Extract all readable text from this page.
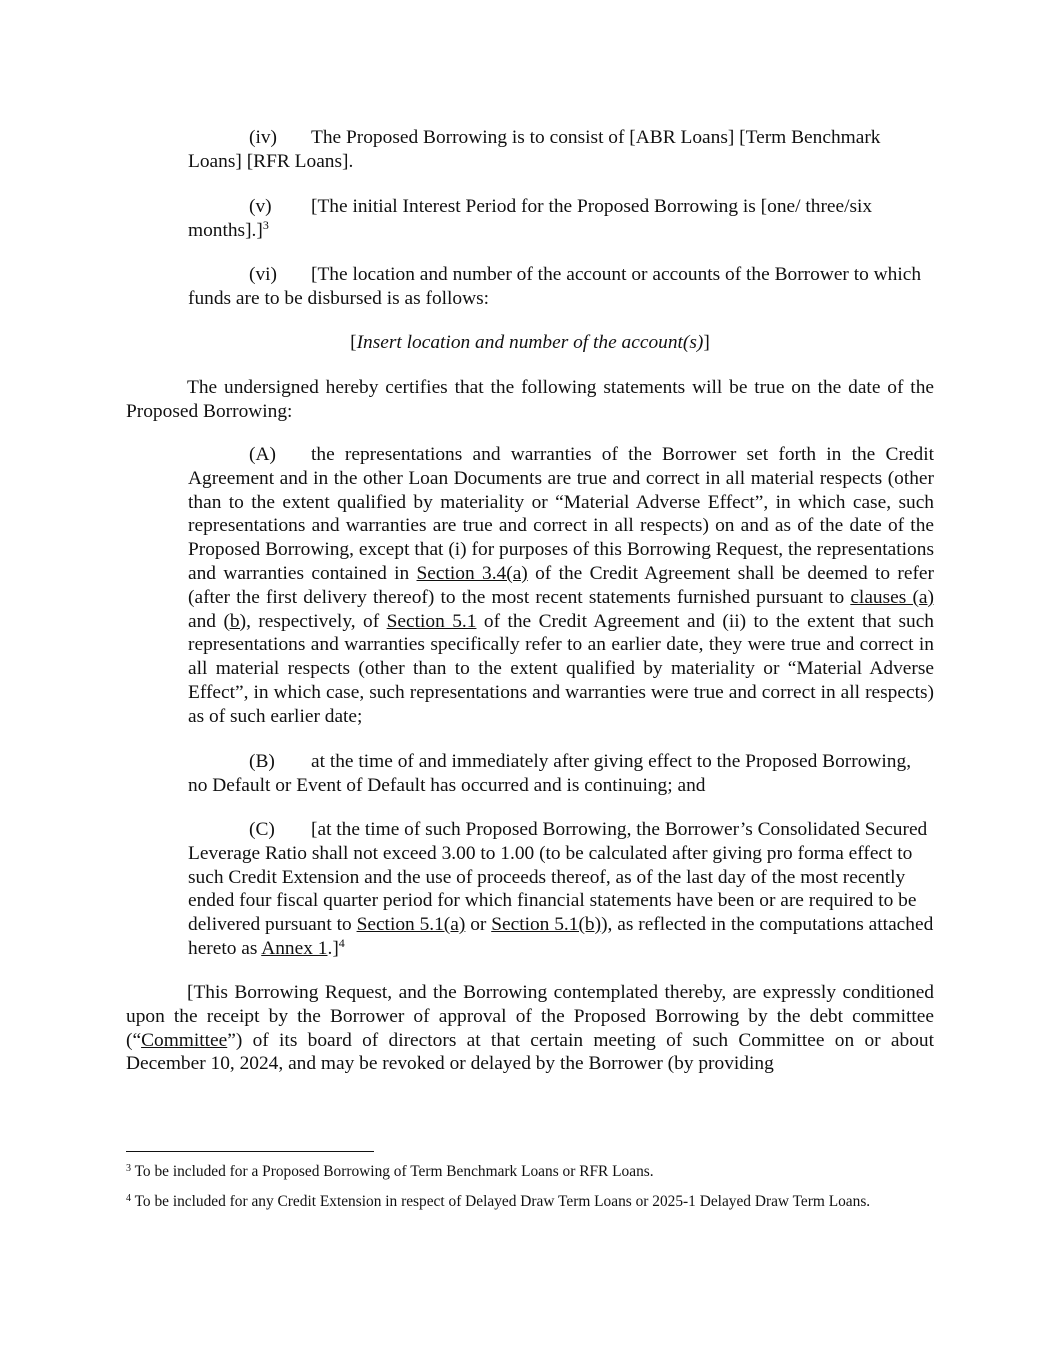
(iv) The Proposed Borrowing is to consist of [ABR Loans] [Term Benchmark Loans] [RFR Loans].

(v) [The initial Interest Period for the Proposed Borrowing is [one/ three/six months].]$^3$

(vi) [The location and number of the account or accounts of the Borrower to which funds are to be disbursed is as follows:

[Insert location and number of the account(s)]

The undersigned hereby certifies that the following statements will be true on the date of the Proposed Borrowing:

(A) the representations and warranties of the Borrower set forth in the Credit Agreement and in the other Loan Documents are true and correct in all material respects (other than to the extent qualified by materiality or “Material Adverse Effect”, in which case, such representations and warranties are true and correct in all respects) on and as of the date of the Proposed Borrowing, except that (i) for purposes of this Borrowing Request, the representations and warranties contained in Section 3.4(a) of the Credit Agreement shall be deemed to refer (after the first delivery thereof) to the most recent statements furnished pursuant to clauses (a) and (b), respectively, of Section 5.1 of the Credit Agreement and (ii) to the extent that such representations and warranties specifically refer to an earlier date, they were true and correct in all material respects (other than to the extent qualified by materiality or “Material Adverse Effect”, in which case, such representations and warranties were true and correct in all respects) as of such earlier date;

(B) at the time of and immediately after giving effect to the Proposed Borrowing, no Default or Event of Default has occurred and is continuing; and

(C) [at the time of such Proposed Borrowing, the Borrower’s Consolidated Secured Leverage Ratio shall not exceed 3.00 to 1.00 (to be calculated after giving pro forma effect to such Credit Extension and the use of proceeds thereof, as of the last day of the most recently ended four fiscal quarter period for which financial statements have been or are required to be delivered pursuant to Section 5.1(a) or Section 5.1(b)), as reflected in the computations attached hereto as Annex 1.]$^4$

[This Borrowing Request, and the Borrowing contemplated thereby, are expressly conditioned upon the receipt by the Borrower of approval of the Proposed Borrowing by the debt committee (“Committee”) of its board of directors at that certain meeting of such Committee on or about December 10, 2024, and may be revoked or delayed by the Borrower (by providing

$^3$ To be included for a Proposed Borrowing of Term Benchmark Loans or RFR Loans.

$^4$ To be included for any Credit Extension in respect of Delayed Draw Term Loans or 2025-1 Delayed Draw Term Loans.
